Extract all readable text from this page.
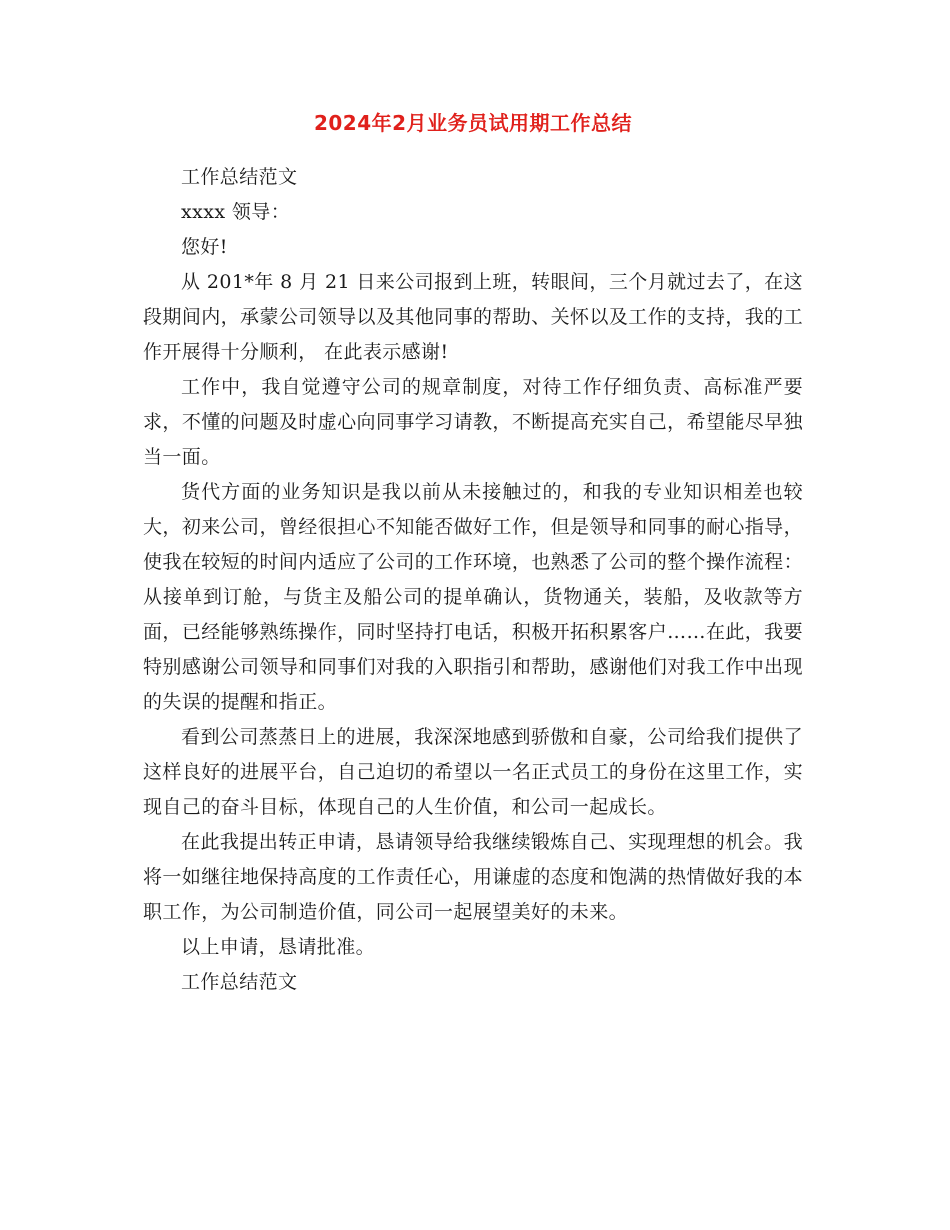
2024年2月业务员试用期工作总结

工作总结范文

xxxx 领导：

您好!

从 201*年 8 月 21 日来公司报到上班，转眼间，三个月就过去了，在这段期间内，承蒙公司领导以及其他同事的帮助、关怀以及工作的支持，我的工作开展得十分顺利， 在此表示感谢!

工作中，我自觉遵守公司的规章制度，对待工作仔细负责、高标准严要求，不懂的问题及时虚心向同事学习请教，不断提高充实自己，希望能尽早独当一面。

货代方面的业务知识是我以前从未接触过的，和我的专业知识相差也较大，初来公司，曾经很担心不知能否做好工作，但是领导和同事的耐心指导，使我在较短的时间内适应了公司的工作环境，也熟悉了公司的整个操作流程：从接单到订舱，与货主及船公司的提单确认，货物通关，装船，及收款等方面，已经能够熟练操作，同时坚持打电话，积极开拓积累客户……在此，我要特别感谢公司领导和同事们对我的入职指引和帮助，感谢他们对我工作中出现的失误的提醒和指正。

看到公司蒸蒸日上的进展，我深深地感到骄傲和自豪，公司给我们提供了这样良好的进展平台，自己迫切的希望以一名正式员工的身份在这里工作，实现自己的奋斗目标，体现自己的人生价值，和公司一起成长。

在此我提出转正申请，恳请领导给我继续锻炼自己、实现理想的机会。我将一如继往地保持高度的工作责任心，用谦虚的态度和饱满的热情做好我的本职工作，为公司制造价值，同公司一起展望美好的未来。

以上申请，恳请批准。

工作总结范文
